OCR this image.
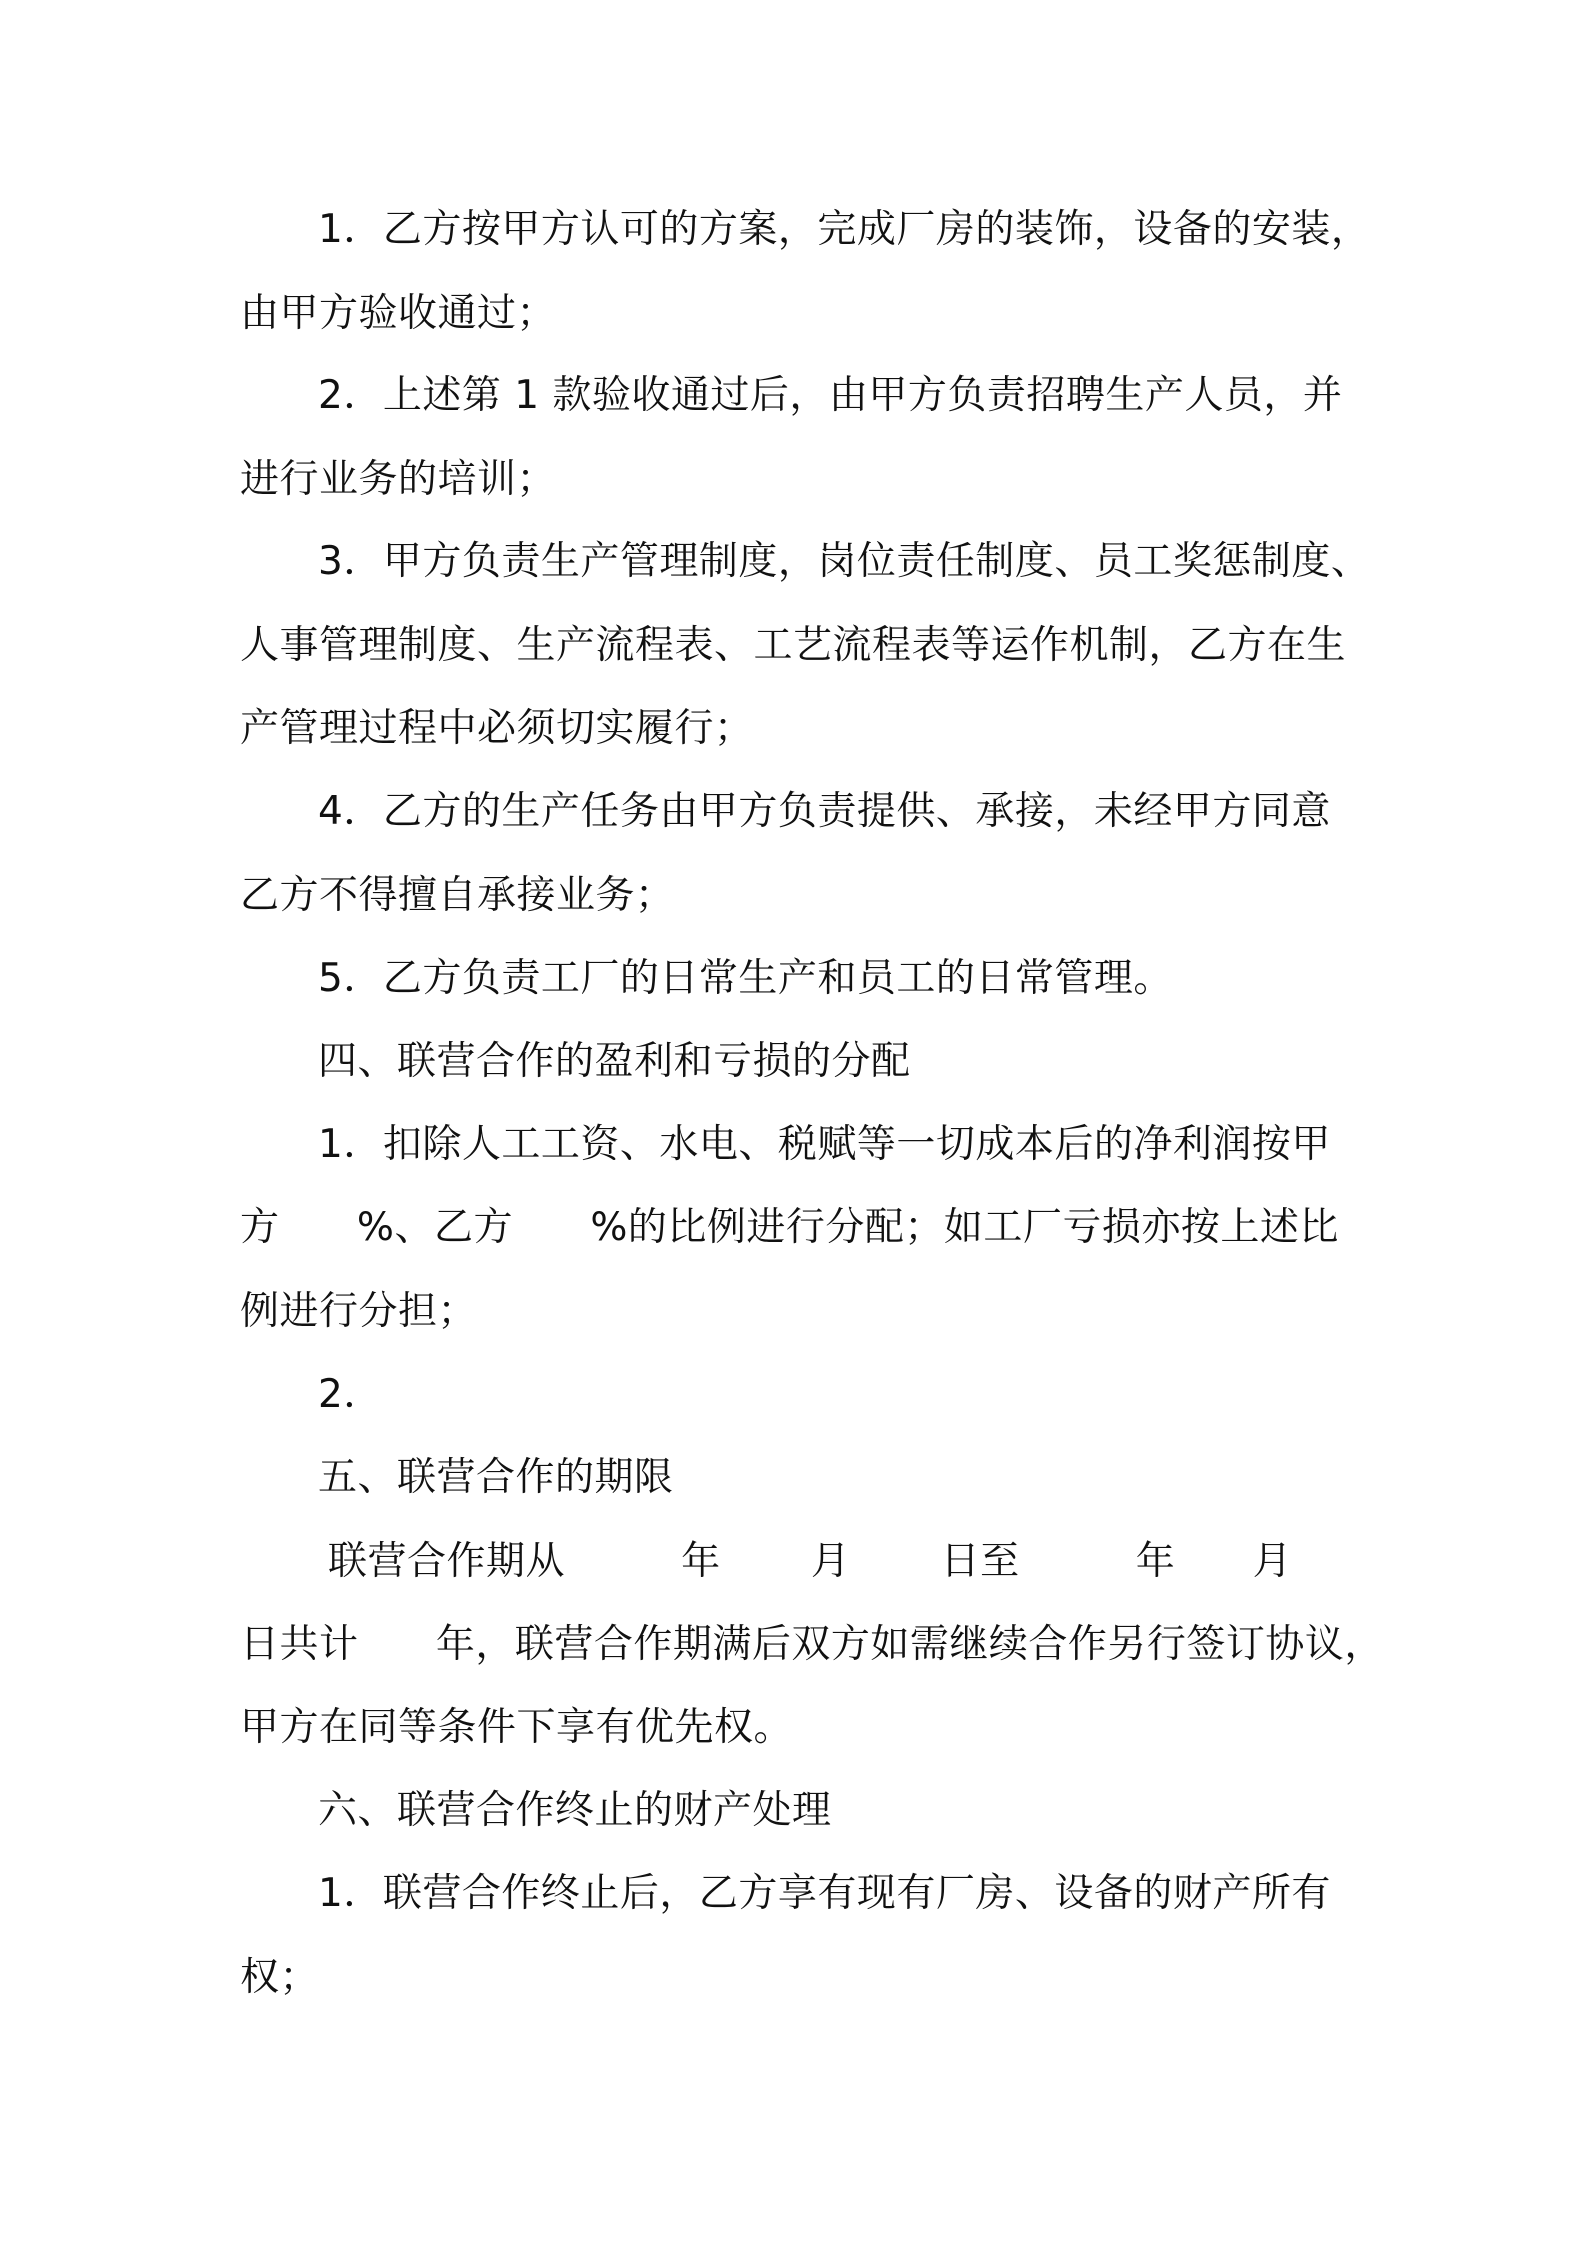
1．乙方按甲方认可的方案，完成厂房的装饰，设备的安装，
由甲方验收通过；
2．上述第 1 款验收通过后，由甲方负责招聘生产人员，并
进行业务的培训；
3．甲方负责生产管理制度，岗位责任制度、员工奖惩制度、
人事管理制度、生产流程表、工艺流程表等运作机制，乙方在生
产管理过程中必须切实履行；
4．乙方的生产任务由甲方负责提供、承接，未经甲方同意
乙方不得擅自承接业务；
5．乙方负责工厂的日常生产和员工的日常管理。
四、联营合作的盈利和亏损的分配
1．扣除人工工资、水电、税赋等一切成本后的净利润按甲
方      %、乙方      %的比例进行分配；如工厂亏损亦按上述比
例进行分担；
2．
五、联营合作的期限
联营合作期从         年       月       日至         年      月
日共计      年，联营合作期满后双方如需继续合作另行签订协议，
甲方在同等条件下享有优先权。
六、联营合作终止的财产处理
1．联营合作终止后，乙方享有现有厂房、设备的财产所有
权；
